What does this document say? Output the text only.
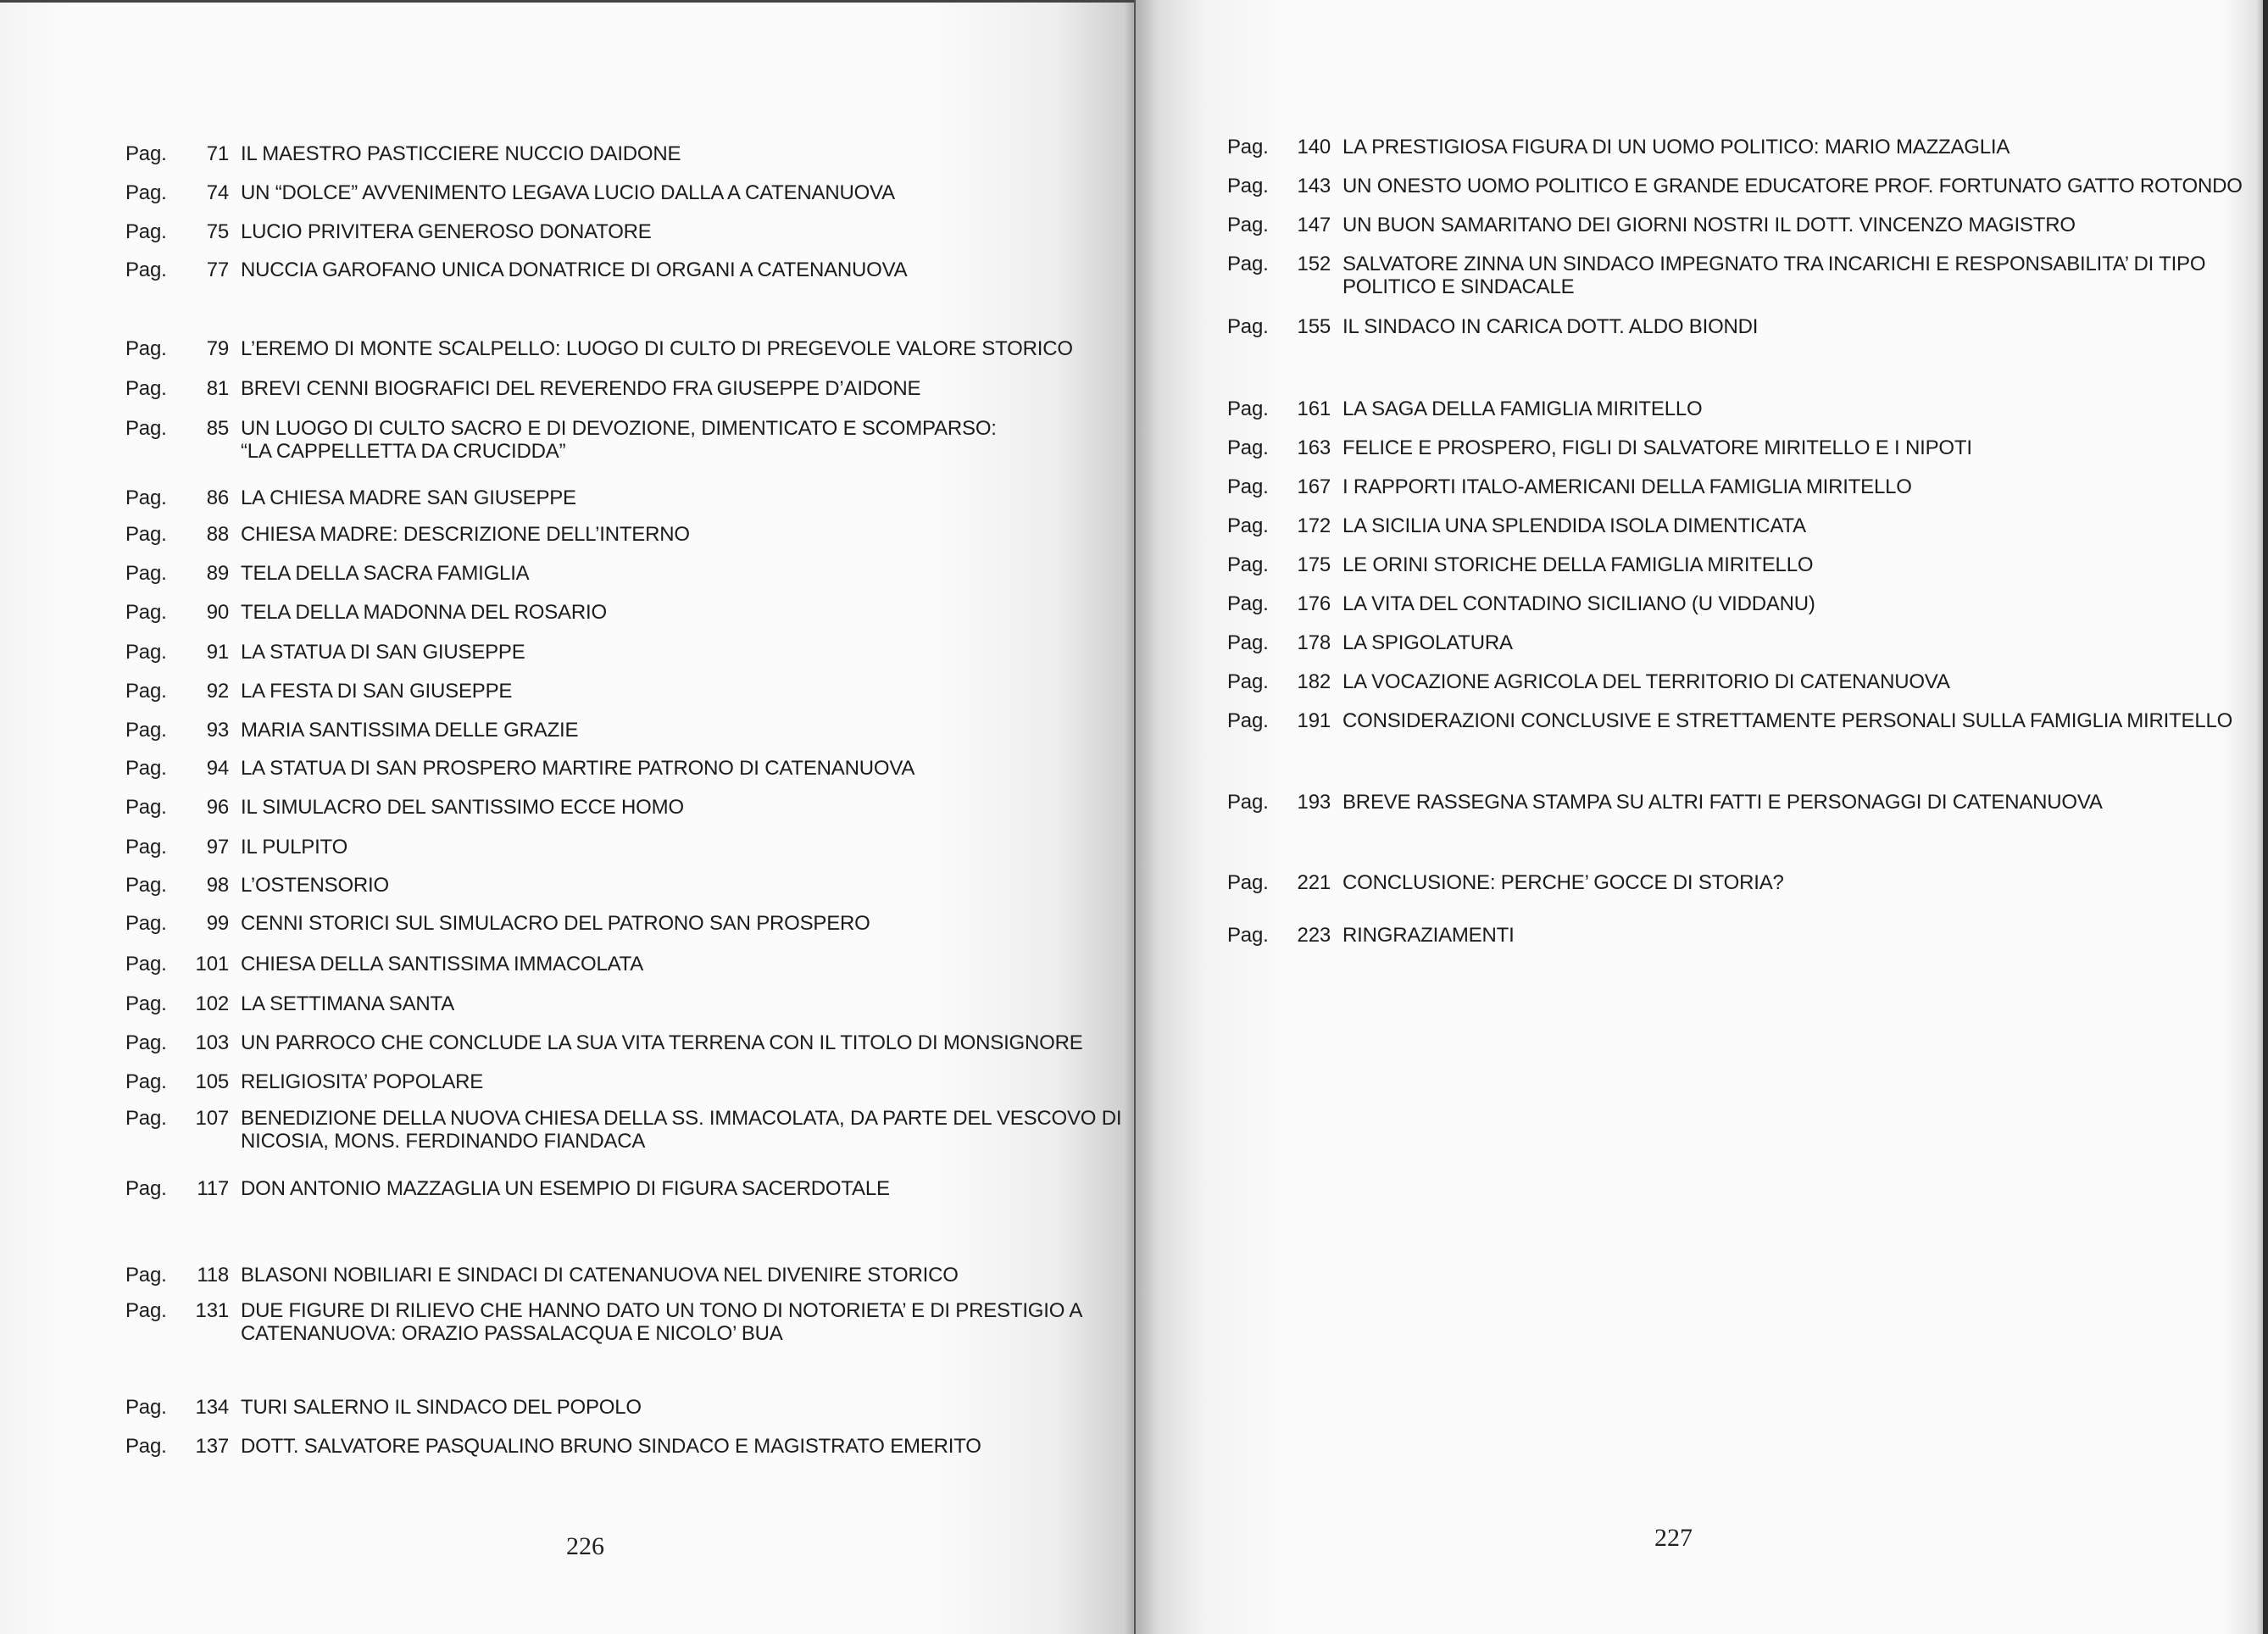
Pag.	71 IL MAESTRO PASTICCIERE NUCCIO DAIDONE
Pag.	74 UN “DOLCE” AVVENIMENTO LEGAVA LUCIO DALLA A CATENANUOVA
Pag.	75 LUCIO PRIVITERA GENEROSO DONATORE
Pag.	77 NUCCIA GAROFANO UNICA DONATRICE DI ORGANI A CATENANUOVA
Pag.	79 L’EREMO DI MONTE SCALPELLO: LUOGO DI CULTO DI PREGEVOLE VALORE STORICO
Pag.	81 BREVI CENNI BIOGRAFICI DEL REVERENDO FRA GIUSEPPE D’AIDONE
Pag.	85 UN LUOGO DI CULTO SACRO E DI DEVOZIONE, DIMENTICATO E SCOMPARSO:
“LA CAPPELLETTA DA CRUCIDDA”
Pag.	86 LA CHIESA MADRE SAN GIUSEPPE
Pag.	88 CHIESA MADRE: DESCRIZIONE DELL’INTERNO
Pag.	89 TELA DELLA SACRA FAMIGLIA
Pag.	90 TELA DELLA MADONNA DEL ROSARIO
Pag.	91 LA STATUA DI SAN GIUSEPPE
Pag.	92 LA FESTA DI SAN GIUSEPPE
Pag.	93 MARIA SANTISSIMA DELLE GRAZIE
Pag.	94 LA STATUA DI SAN PROSPERO MARTIRE PATRONO DI CATENANUOVA
Pag.	96 IL SIMULACRO DEL SANTISSIMO ECCE HOMO
Pag.	97 IL PULPITO
Pag.	98 L’OSTENSORIO
Pag.	99 CENNI STORICI SUL SIMULACRO DEL PATRONO SAN PROSPERO
Pag.	101 CHIESA DELLA SANTISSIMA IMMACOLATA
Pag.	102 LA SETTIMANA SANTA
Pag.	103 UN PARROCO CHE CONCLUDE LA SUA VITA TERRENA CON IL TITOLO DI MONSIGNORE
Pag.	105 RELIGIOSITA’ POPOLARE
Pag.	107 BENEDIZIONE DELLA NUOVA CHIESA DELLA SS. IMMACOLATA, DA PARTE DEL VESCOVO DI
NICOSIA, MONS. FERDINANDO FIANDACA
Pag.	117 DON ANTONIO MAZZAGLIA UN ESEMPIO DI FIGURA SACERDOTALE
Pag.	118 BLASONI NOBILIARI E SINDACI DI CATENANUOVA NEL DIVENIRE STORICO
Pag.	131 DUE FIGURE DI RILIEVO CHE HANNO DATO UN TONO DI NOTORIETA’ E DI PRESTIGIO A
CATENANUOVA: ORAZIO PASSALACQUA E NICOLO’ BUA
Pag.	134 TURI SALERNO IL SINDACO DEL POPOLO
Pag.	137 DOTT. SALVATORE PASQUALINO BRUNO SINDACO E MAGISTRATO EMERITO
226
Pag.	140 LA PRESTIGIOSA FIGURA DI UN UOMO POLITICO: MARIO MAZZAGLIA
Pag.	143 UN ONESTO UOMO POLITICO E GRANDE EDUCATORE PROF. FORTUNATO GATTO ROTONDO
Pag.	147 UN BUON SAMARITANO DEI GIORNI NOSTRI IL DOTT. VINCENZO MAGISTRO
Pag.	152 SALVATORE ZINNA UN SINDACO IMPEGNATO TRA INCARICHI E RESPONSABILITA’ DI TIPO
POLITICO E SINDACALE
Pag.	155 IL SINDACO IN CARICA DOTT. ALDO BIONDI
Pag.	161 LA SAGA DELLA FAMIGLIA MIRITELLO
Pag.	163 FELICE E PROSPERO, FIGLI DI SALVATORE MIRITELLO E I NIPOTI
Pag.	167 I RAPPORTI ITALO-AMERICANI DELLA FAMIGLIA MIRITELLO
Pag.	172 LA SICILIA UNA SPLENDIDA ISOLA DIMENTICATA
Pag.	175 LE ORINI STORICHE DELLA FAMIGLIA MIRITELLO
Pag.	176 LA VITA DEL CONTADINO SICILIANO (U VIDDANU)
Pag.	178 LA SPIGOLATURA
Pag.	182 LA VOCAZIONE AGRICOLA DEL TERRITORIO DI CATENANUOVA
Pag.	191 CONSIDERAZIONI CONCLUSIVE E STRETTAMENTE PERSONALI SULLA FAMIGLIA MIRITELLO
Pag.	193 BREVE RASSEGNA STAMPA SU ALTRI FATTI E PERSONAGGI DI CATENANUOVA
Pag.	221 CONCLUSIONE: PERCHE’ GOCCE DI STORIA?
Pag.	223 RINGRAZIAMENTI
227
